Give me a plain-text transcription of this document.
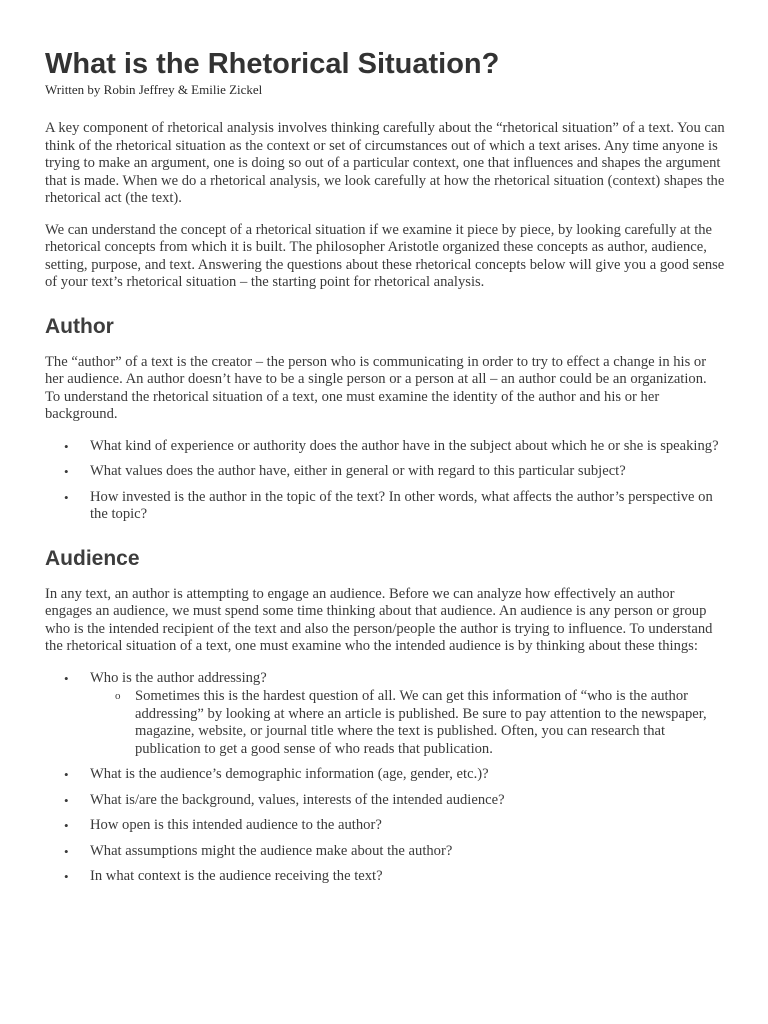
What is the Rhetorical Situation?
Written by Robin Jeffrey & Emilie Zickel

A key component of rhetorical analysis involves thinking carefully about the “rhetorical situation” of a text. You can think of the rhetorical situation as the context or set of circumstances out of which a text arises. Any time anyone is trying to make an argument, one is doing so out of a particular context, one that influences and shapes the argument that is made. When we do a rhetorical analysis, we look carefully at how the rhetorical situation (context) shapes the rhetorical act (the text).

We can understand the concept of a rhetorical situation if we examine it piece by piece, by looking carefully at the rhetorical concepts from which it is built. The philosopher Aristotle organized these concepts as author, audience, setting, purpose, and text. Answering the questions about these rhetorical concepts below will give you a good sense of your text’s rhetorical situation – the starting point for rhetorical analysis.

Author

The “author” of a text is the creator – the person who is communicating in order to try to effect a change in his or her audience. An author doesn’t have to be a single person or a person at all – an author could be an organization. To understand the rhetorical situation of a text, one must examine the identity of the author and his or her background.

• What kind of experience or authority does the author have in the subject about which he or she is speaking?
• What values does the author have, either in general or with regard to this particular subject?
• How invested is the author in the topic of the text? In other words, what affects the author’s perspective on the topic?
Audience

In any text, an author is attempting to engage an audience. Before we can analyze how effectively an author engages an audience, we must spend some time thinking about that audience. An audience is any person or group who is the intended recipient of the text and also the person/people the author is trying to influence. To understand the rhetorical situation of a text, one must examine who the intended audience is by thinking about these things:

• Who is the author addressing?
o Sometimes this is the hardest question of all. We can get this information of “who is the author addressing” by looking at where an article is published. Be sure to pay attention to the newspaper, magazine, website, or journal title where the text is published. Often, you can research that publication to get a good sense of who reads that publication.
• What is the audience’s demographic information (age, gender, etc.)?
• What is/are the background, values, interests of the intended audience?
• How open is this intended audience to the author?
• What assumptions might the audience make about the author?
• In what context is the audience receiving the text?
